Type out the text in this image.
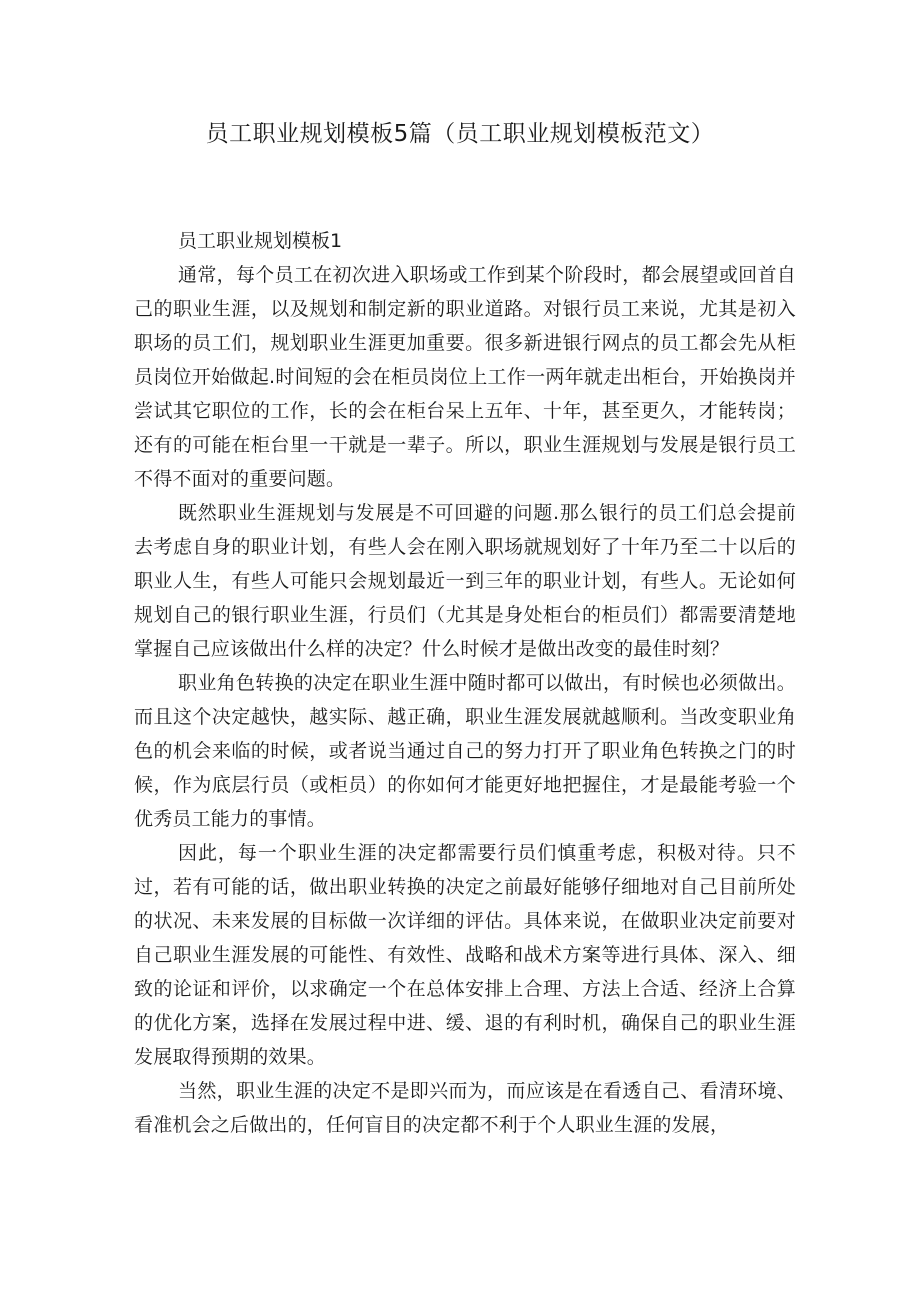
员工职业规划模板5篇（员工职业规划模板范文）
员工职业规划模板1

通常，每个员工在初次进入职场或工作到某个阶段时，都会展望或回首自己的职业生涯，以及规划和制定新的职业道路。对银行员工来说，尤其是初入职场的员工们，规划职业生涯更加重要。很多新进银行网点的员工都会先从柜员岗位开始做起.时间短的会在柜员岗位上工作一两年就走出柜台，开始换岗并尝试其它职位的工作，长的会在柜台呆上五年、十年，甚至更久，才能转岗；还有的可能在柜台里一干就是一辈子。所以，职业生涯规划与发展是银行员工不得不面对的重要问题。

既然职业生涯规划与发展是不可回避的问题.那么银行的员工们总会提前去考虑自身的职业计划，有些人会在刚入职场就规划好了十年乃至二十以后的职业人生，有些人可能只会规划最近一到三年的职业计划，有些人。无论如何规划自己的银行职业生涯，行员们（尤其是身处柜台的柜员们）都需要清楚地掌握自己应该做出什么样的决定？什么时候才是做出改变的最佳时刻？

职业角色转换的决定在职业生涯中随时都可以做出，有时候也必须做出。而且这个决定越快，越实际、越正确，职业生涯发展就越顺利。当改变职业角色的机会来临的时候，或者说当通过自己的努力打开了职业角色转换之门的时候，作为底层行员（或柜员）的你如何才能更好地把握住，才是最能考验一个优秀员工能力的事情。

因此，每一个职业生涯的决定都需要行员们慎重考虑，积极对待。只不过，若有可能的话，做出职业转换的决定之前最好能够仔细地对自己目前所处的状况、未来发展的目标做一次详细的评估。具体来说，在做职业决定前要对自己职业生涯发展的可能性、有效性、战略和战术方案等进行具体、深入、细致的论证和评价，以求确定一个在总体安排上合理、方法上合适、经济上合算的优化方案，选择在发展过程中进、缓、退的有利时机，确保自己的职业生涯发展取得预期的效果。

当然，职业生涯的决定不是即兴而为，而应该是在看透自己、看清环境、看准机会之后做出的，任何盲目的决定都不利于个人职业生涯的发展，
